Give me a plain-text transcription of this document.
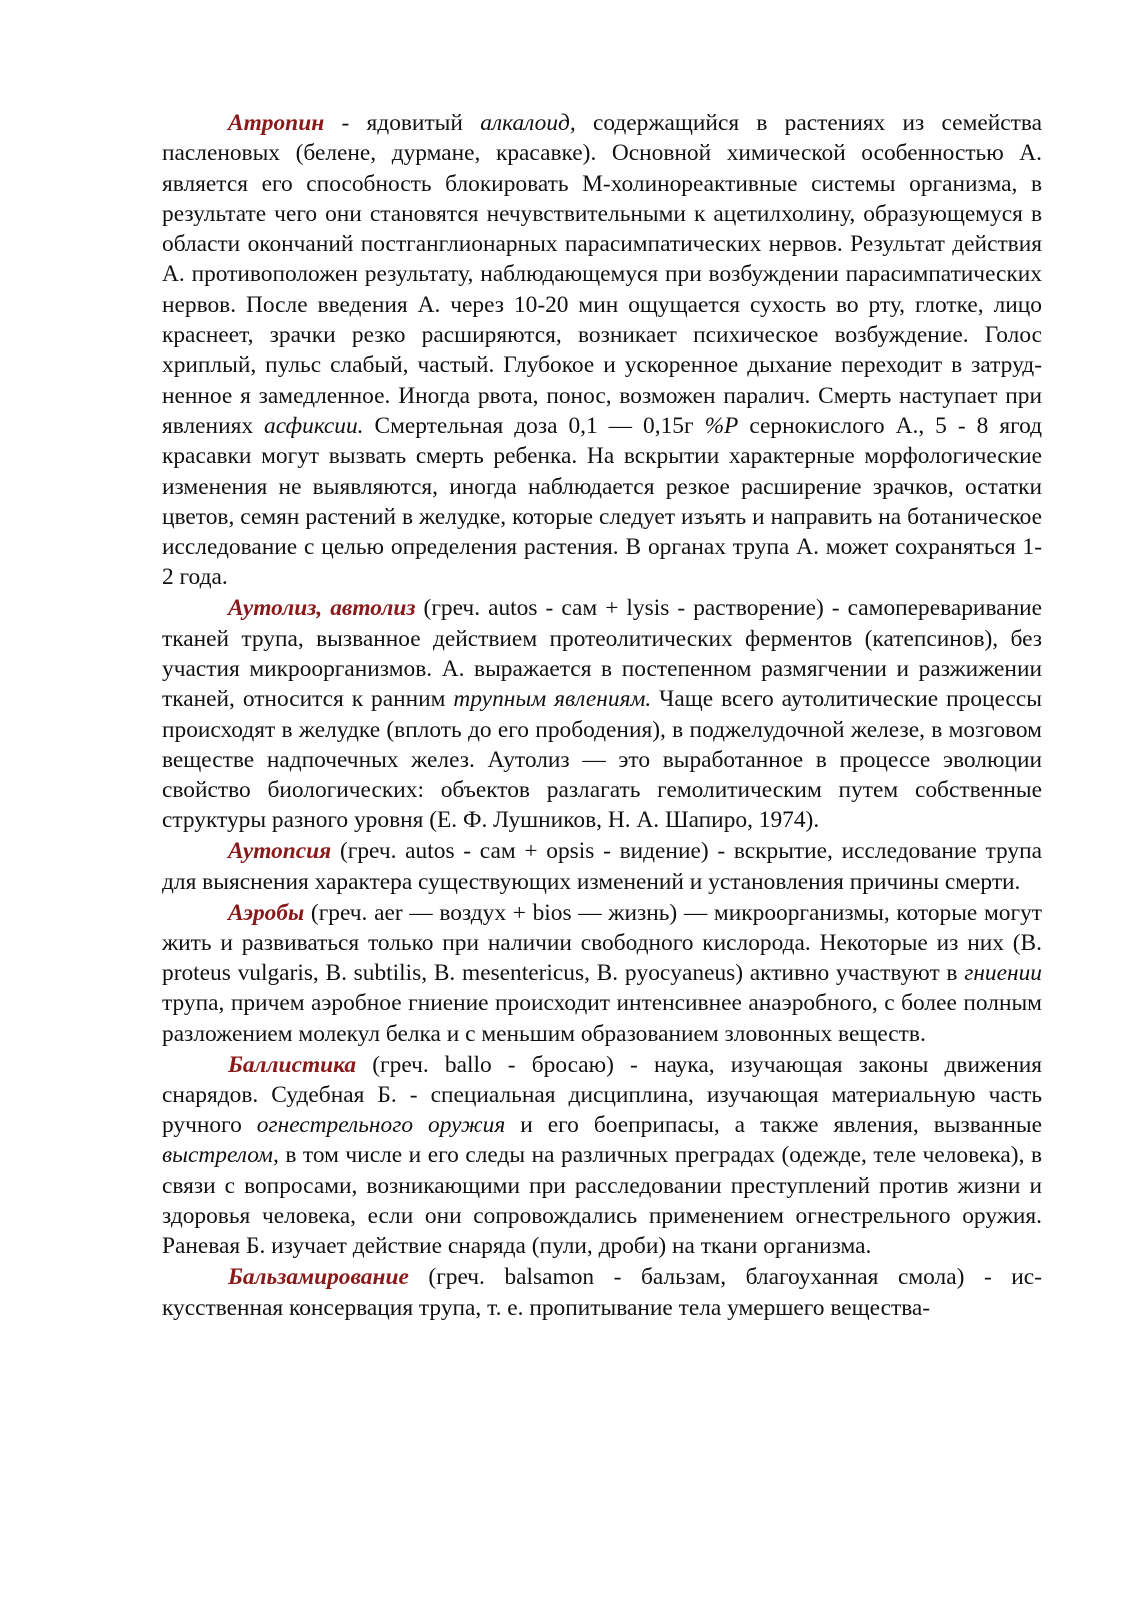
Атропин - ядовитый алкалоид, содержащийся в растениях из семейства пасленовых (белене, дурмане, красавке). Основной химической особенностью А. является его способность блокировать М-холинореактивные системы организма, в результате чего они становятся нечувствительными к ацетилхолину, образующемуся в области окончаний постганглионарных парасимпатических нервов. Результат действия А. противоположен результату, наблюдающемуся при возбуждении парасимпатических нервов. После введения А. через 10-20 мин ощущается сухость во рту, глотке, лицо краснеет, зрачки резко расширяются, возникает психическое возбуждение. Голос хриплый, пульс слабый, частый. Глубокое и ускоренное дыхание переходит в затрудненное я замедленное. Иногда рвота, понос, возможен паралич. Смерть наступает при явлениях асфиксии. Смертельная доза 0,1 — 0,15г %Р сернокислого А., 5 - 8 ягод красавки могут вызвать смерть ребенка. На вскрытии характерные морфологические изменения не выявляются, иногда наблюдается резкое расширение зрачков, остатки цветов, семян растений в желудке, которые следует изъять и направить на ботаническое исследование с целью определения растения. В органах трупа А. может сохраняться 1-2 года.

Аутолиз, автолиз (греч. autos - сам + lysis - растворение) - самопереваривание тканей трупа, вызванное действием протеолитических ферментов (катепсинов), без участия микроорганизмов. А. выражается в постепенном размягчении и разжижении тканей, относится к ранним трупным явлениям. Чаще всего аутолитические процессы происходят в желудке (вплоть до его прободения), в поджелудочной железе, в мозговом веществе надпочечных желез. Аутолиз — это выработанное в процессе эволюции свойство биологических: объектов разлагать гемолитическим путем собственные структуры разного уровня (Е. Ф. Лушников, Н. А. Шапиро, 1974).

Аутопсия (греч. autos - сам + opsis - видение) - вскрытие, исследование трупа для выяснения характера существующих изменений и установления причины смерти.

Аэробы (греч. aer — воздух + bios — жизнь) — микроорганизмы, которые могут жить и развиваться только при наличии свободного кислорода. Некоторые из них (В. proteus vulgaris, В. subtilis, В. mesentericus, В. pyocyaneus) активно участвуют в гниении трупа, причем аэробное гниение происходит интенсивнее анаэробного, с более полным разложением молекул белка и с меньшим образованием зловонных веществ.

Баллистика (греч. ballo - бросаю) - наука, изучающая законы движения снарядов. Судебная Б. - специальная дисциплина, изучающая материальную часть ручного огнестрельного оружия и его боеприпасы, а также явления, вызванные выстрелом, в том числе и его следы на различных преградах (одежде, теле человека), в связи с вопросами, возникающими при расследовании преступлений против жизни и здоровья человека, если они сопровождались применением огнестрельного оружия. Раневая Б. изучает действие снаряда (пули, дроби) на ткани организма.

Бальзамирование (греч. balsamon - бальзам, благоуханная смола) - искусственная консервация трупа, т. е. пропитывание тела умершего вещества-
